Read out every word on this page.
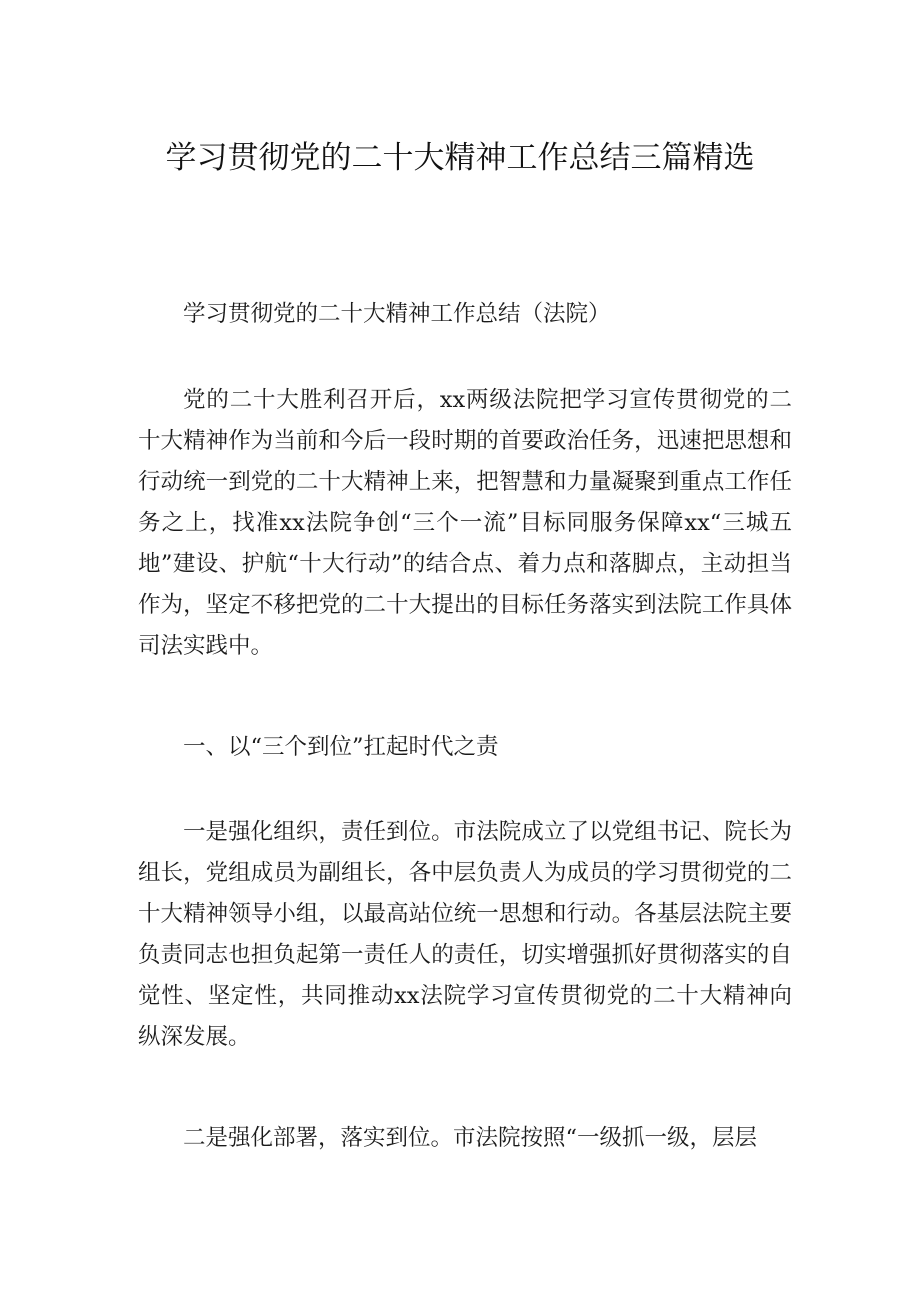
学习贯彻党的二十大精神工作总结三篇精选

学习贯彻党的二十大精神工作总结（法院）

党的二十大胜利召开后，xx两级法院把学习宣传贯彻党的二十大精神作为当前和今后一段时期的首要政治任务，迅速把思想和行动统一到党的二十大精神上来，把智慧和力量凝聚到重点工作任务之上，找准xx法院争创“三个一流”目标同服务保障xx“三城五地”建设、护航“十大行动”的结合点、着力点和落脚点，主动担当作为，坚定不移把党的二十大提出的目标任务落实到法院工作具体司法实践中。

一、以“三个到位”扛起时代之责

一是强化组织，责任到位。市法院成立了以党组书记、院长为组长，党组成员为副组长，各中层负责人为成员的学习贯彻党的二十大精神领导小组，以最高站位统一思想和行动。各基层法院主要负责同志也担负起第一责任人的责任，切实增强抓好贯彻落实的自觉性、坚定性，共同推动xx法院学习宣传贯彻党的二十大精神向纵深发展。

二是强化部署，落实到位。市法院按照“一级抓一级，层层
